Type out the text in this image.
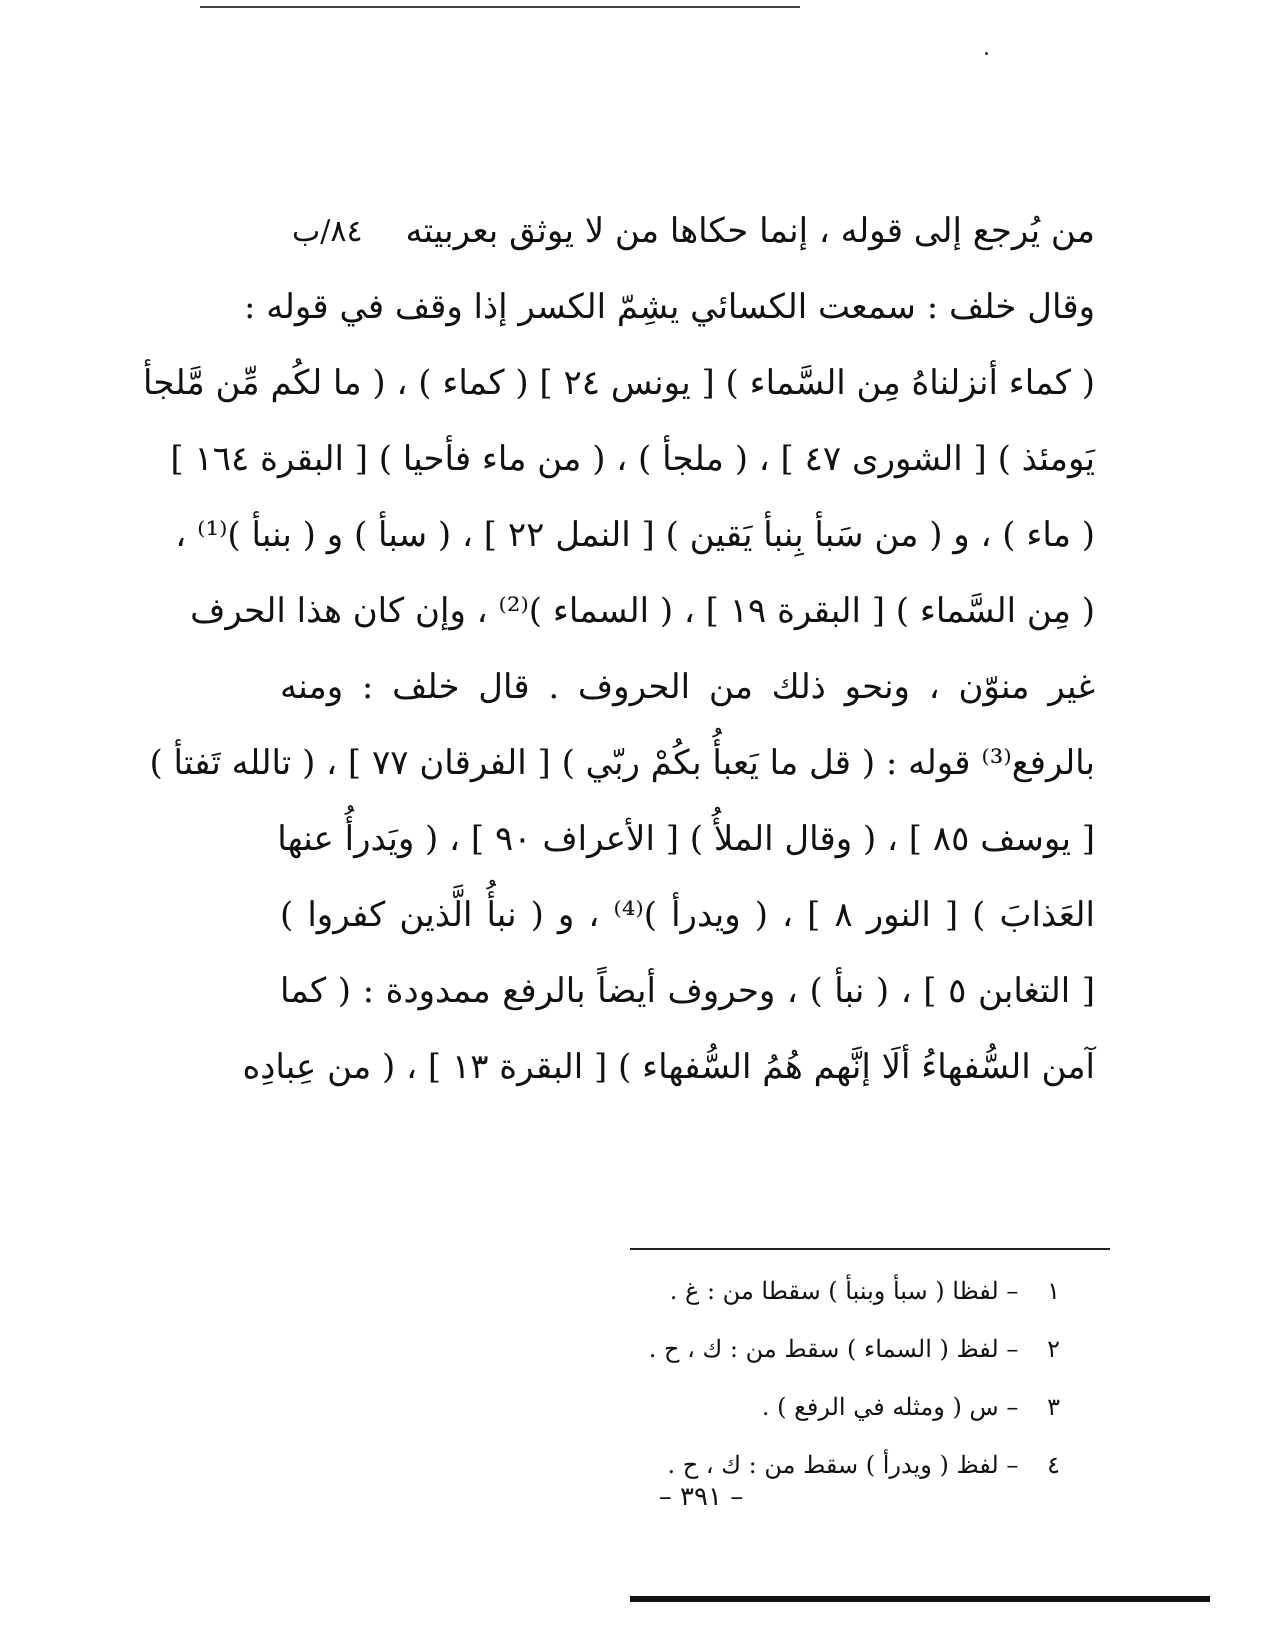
٨٤/ب	من يُرجع إلى قوله ، إنما حكاها من لا يوثق بعربيته
وقال خلف : سمعت الكسائي يشِمّ الكسر إذا وقف في قوله :
( كماء أنزلناهُ مِن السَّماء ) [ يونس ٢٤ ] ( كماء ) ، ( ما لكُم مِّن مَّلجأ
يَومئذ ) [ الشورى ٤٧ ] ، ( ملجأ ) ، ( من ماء فأحيا ) [ البقرة ١٦٤ ]
( ماء ) ، و ( من سَبأ بِنبأ يَقين ) [ النمل ٢٢ ] ، ( سبأ ) و ( بنبأ )⁽¹⁾ ،
( مِن السَّماء ) [ البقرة ١٩ ] ، ( السماء )⁽²⁾ ، وإن كان هذا الحرف
غير منوّن ، ونحو ذلك من الحروف . قال خلف : ومنه
بالرفع⁽³⁾ قوله : ( قل ما يَعبأُ بكُمْ ربّي ) [ الفرقان ٧٧ ] ، ( تالله تَفتأ )
[ يوسف ٨٥ ] ، ( وقال الملأُ ) [ الأعراف ٩٠ ] ، ( ويَدرأُ عنها
العَذابَ ) [ النور ٨ ] ، ( ويدرأ )⁽⁴⁾ ، و ( نبأُ الَّذين كفروا )
[ التغابن ٥ ] ، ( نبأ ) ، وحروف أيضاً بالرفع ممدودة : ( كما
آمن السُّفهاءُ ألَا إنَّهم هُمُ السُّفهاء ) [ البقرة ١٣ ] ، ( من عِبادِه
١ – لفظا ( سبأ وبنبأ ) سقطا من : غ .
٢ – لفظ ( السماء ) سقط من : ك ، ح .
٣ – س ( ومثله في الرفع ) .
٤ – لفظ ( ويدرأ ) سقط من : ك ، ح .
– ٣٩١ –
